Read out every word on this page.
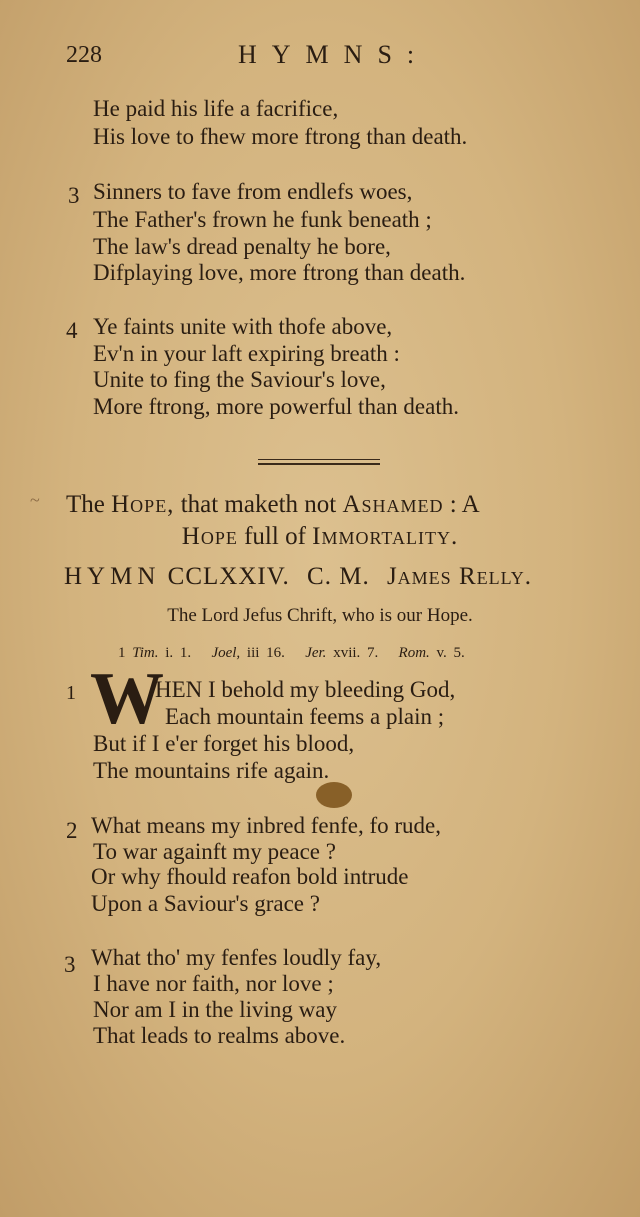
228	HYMNS:
He paid his life a facrifice,
His love to fhew more ftrong than death.
3 Sinners to fave from endlefs woes,
The Father's frown he funk beneath ;
The law's dread penalty he bore,
Difplaying love, more ftrong than death.
4 Ye faints unite with thofe above,
Ev'n in your laft expiring breath :
Unite to fing the Saviour's love,
More ftrong, more powerful than death.
~ The Hope, that maketh not Ashamed : A
Hope full of Immortality.
HYMN CCLXXIV. C. M. James Relly.
The Lord Jefus Chrift, who is our Hope.
1 Tim. i. 1. Joel, iii 16. Jer. xvii. 7. Rom. v. 5.
1 W
HEN I behold my bleeding God,
Each mountain feems a plain ;
But if I e'er forget his blood,
The mountains rife again.
2 What means my inbred fenfe, fo rude,
To war againft my peace ?
Or why fhould reafon bold intrude
Upon a Saviour's grace ?
3 What tho' my fenfes loudly fay,
I have nor faith, nor love ;
Nor am I in the living way
That leads to realms above.
